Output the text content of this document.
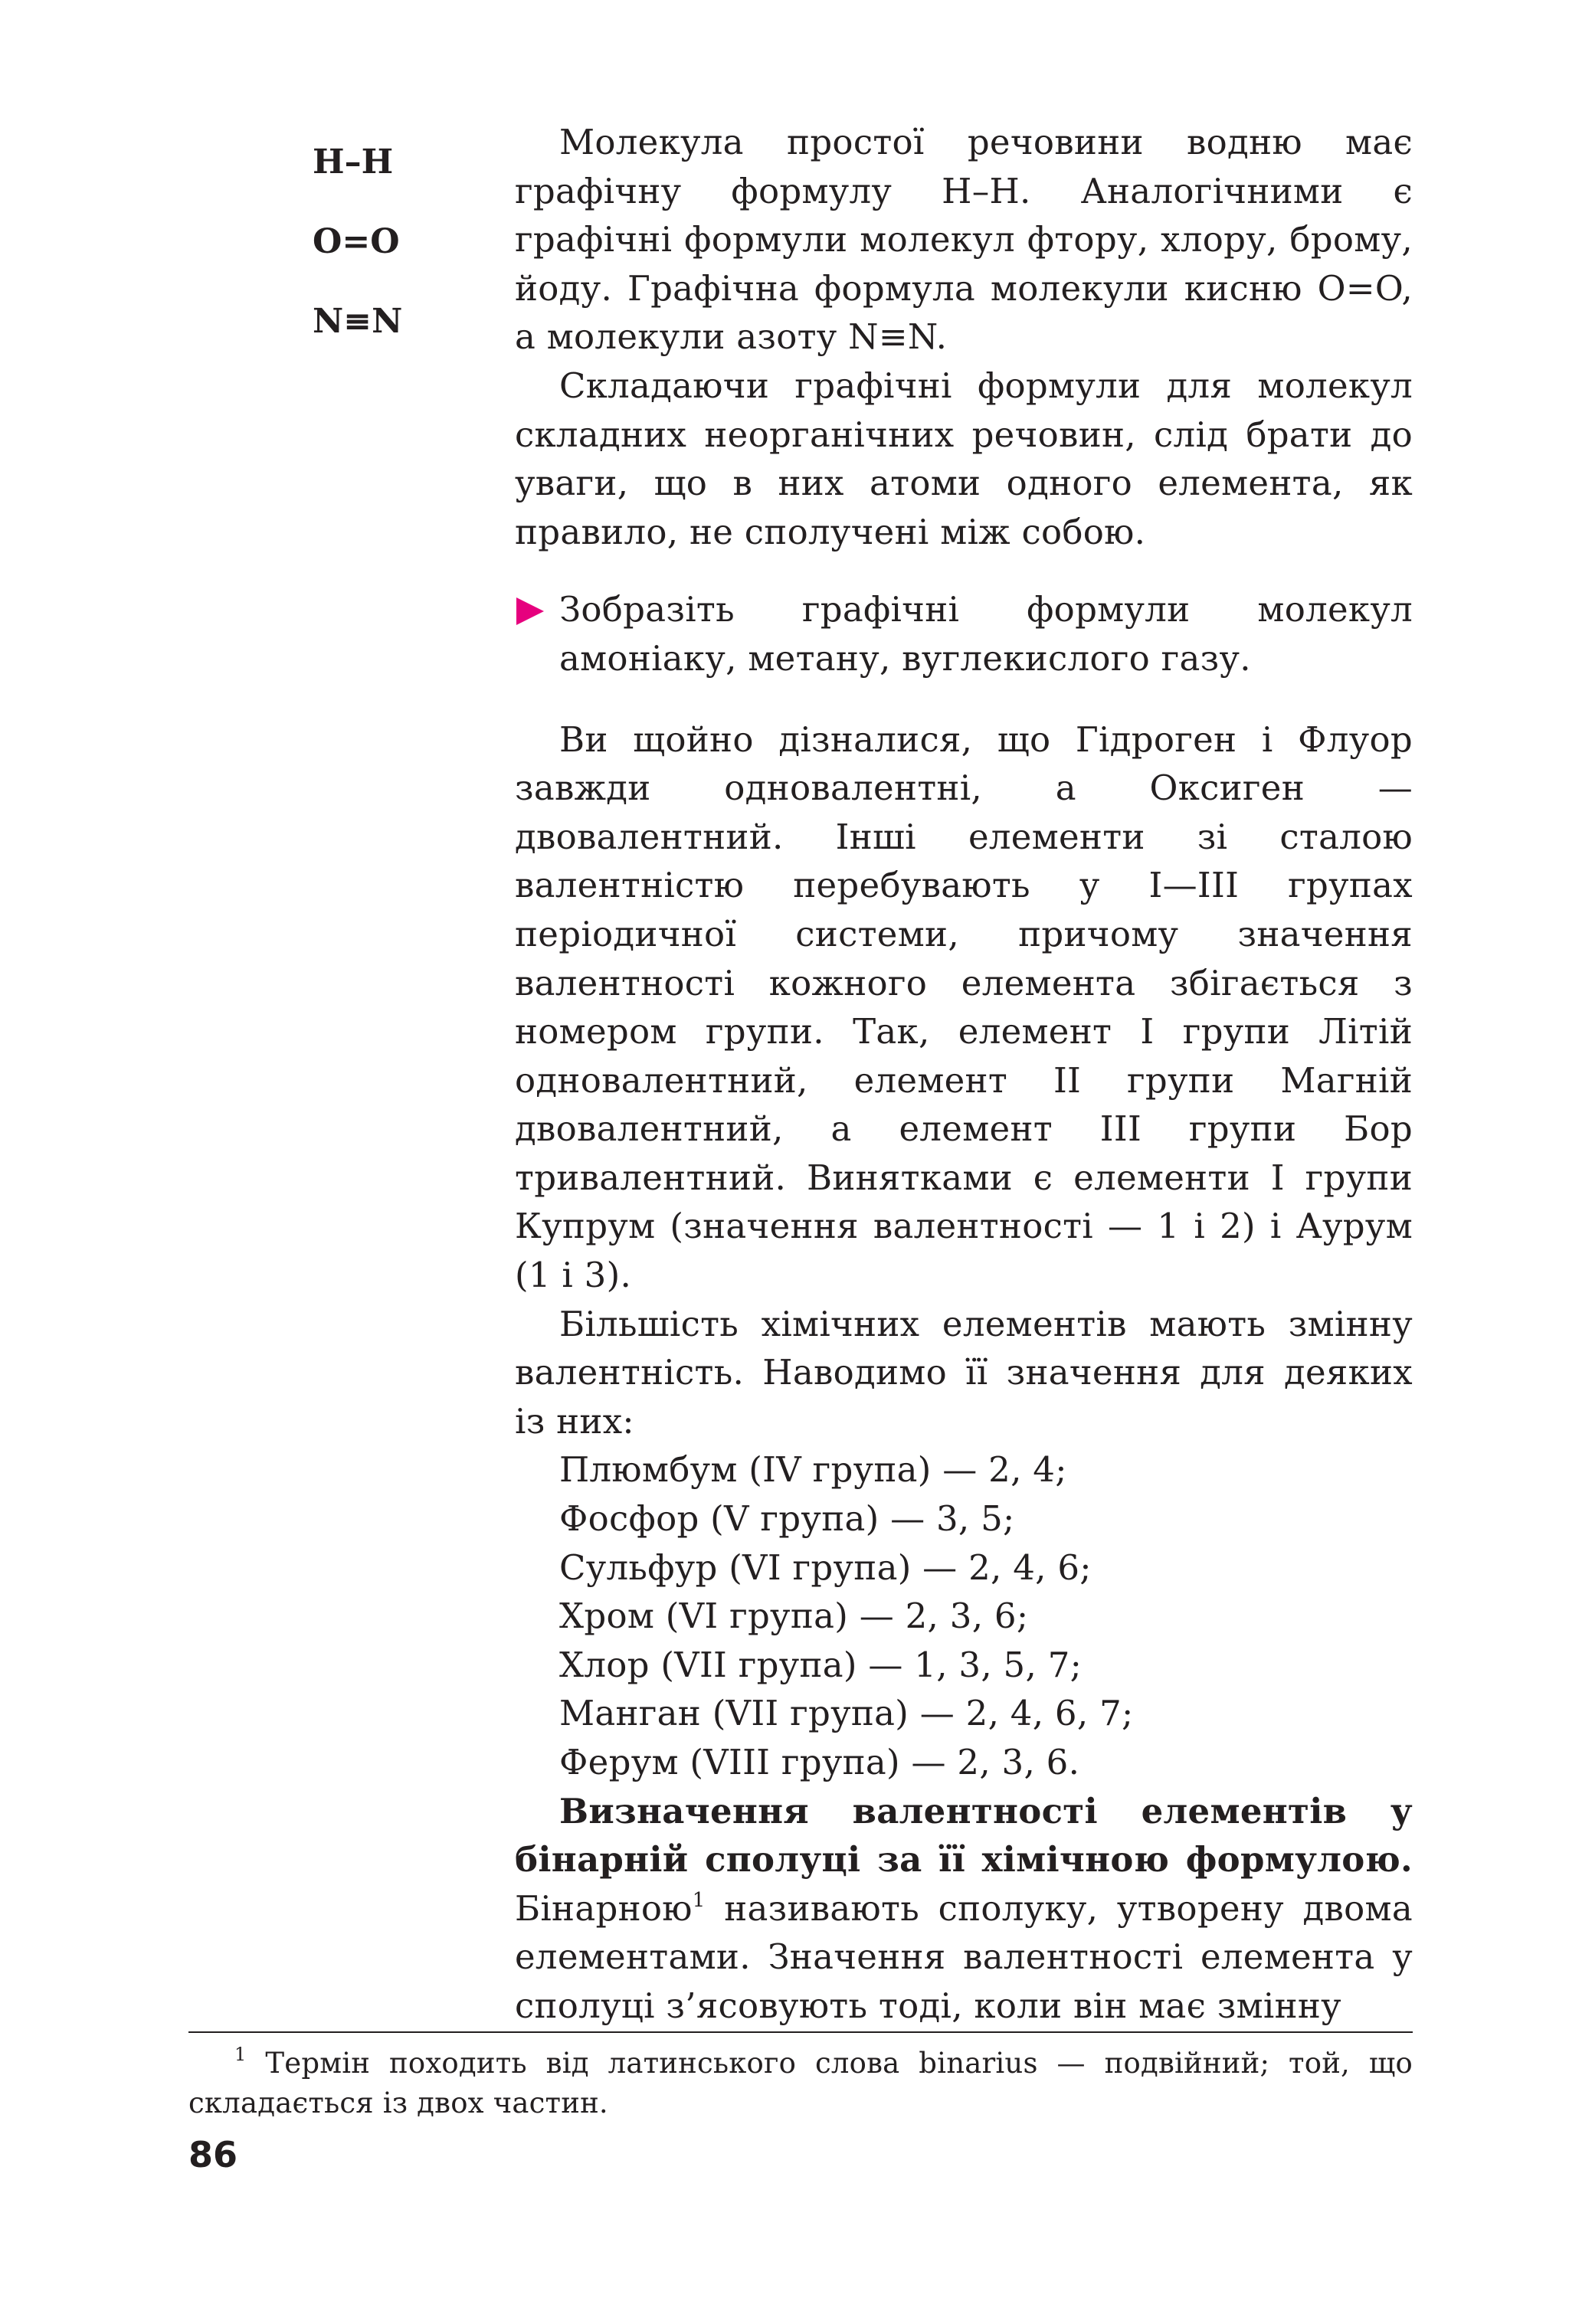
H–H
O=O
N≡N

Молекула простої речовини водню має графічну формулу H–H. Аналогічними є графічні формули молекул фтору, хлору, брому, йоду. Графічна формула молекули кисню O=O, а молекули азоту N≡N.

Складаючи графічні формули для молекул складних неорганічних речовин, слід брати до уваги, що в них атоми одного елемента, як правило, не сполучені між собою.

Зобразіть графічні формули молекул амоніаку, метану, вуглекислого газу.

Ви щойно дізналися, що Гідроген і Флуор завжди одновалентні, а Оксиген — двовалентний. Інші елементи зі сталою валентністю перебувають у I—III групах періодичної системи, причому значення валентності кожного елемента збігається з номером групи. Так, елемент I групи Літій одновалентний, елемент II групи Магній двовалентний, а елемент III групи Бор тривалентний. Винятками є елементи I групи Купрум (значення валентності — 1 і 2) і Аурум (1 і 3).

Більшість хімічних елементів мають змінну валентність. Наводимо її значення для деяких із них:

Плюмбум (IV група) — 2, 4;
Фосфор (V група) — 3, 5;
Сульфур (VI група) — 2, 4, 6;
Хром (VI група) — 2, 3, 6;
Хлор (VII група) — 1, 3, 5, 7;
Манган (VII група) — 2, 4, 6, 7;
Ферум (VIII група) — 2, 3, 6.

Визначення валентності елементів у бінарній сполуці за її хімічною формулою. Бінарною$^1$ називають сполуку, утворену двома елементами. Значення валентності елемента у сполуці з’ясовують тоді, коли він має змінну

$^1$ Термін походить від латинського слова binarius — подвійний; той, що складається із двох частин.
86
